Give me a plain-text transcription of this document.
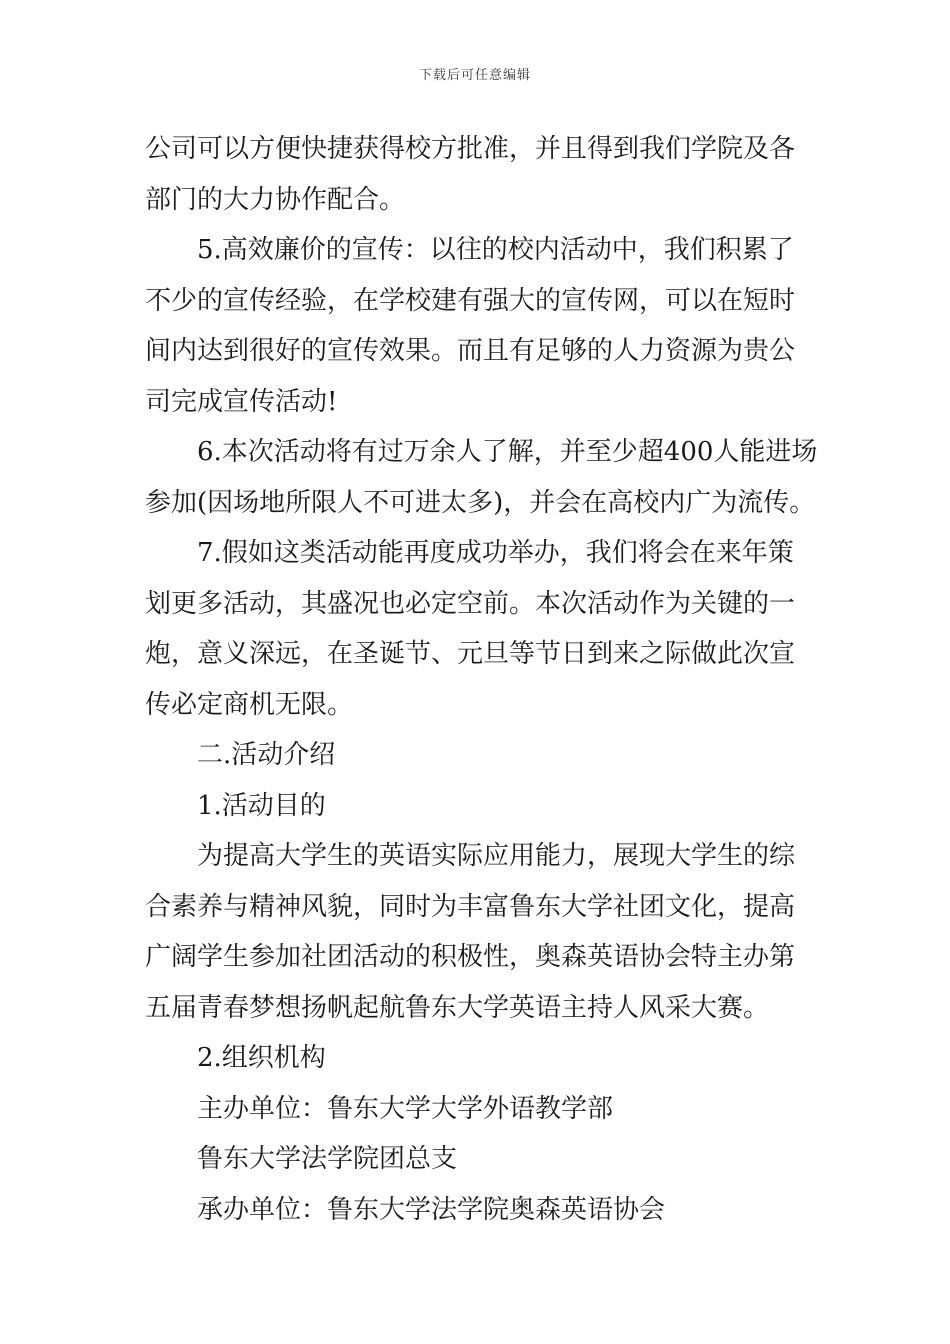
下载后可任意编辑

公司可以方便快捷获得校方批准，并且得到我们学院及各
部门的大力协作配合。

5.高效廉价的宣传：以往的校内活动中，我们积累了

不少的宣传经验，在学校建有强大的宣传网，可以在短时
间内达到很好的宣传效果。而且有足够的人力资源为贵公
司完成宣传活动!

6.本次活动将有过万余人了解，并至少超400人能进场

参加(因场地所限人不可进太多)，并会在高校内广为流传。

7.假如这类活动能再度成功举办，我们将会在来年策

划更多活动，其盛况也必定空前。本次活动作为关键的一
炮，意义深远，在圣诞节、元旦等节日到来之际做此次宣
传必定商机无限。

二.活动介绍

1.活动目的

为提高大学生的英语实际应用能力，展现大学生的综

合素养与精神风貌，同时为丰富鲁东大学社团文化，提高
广阔学生参加社团活动的积极性，奥森英语协会特主办第
五届青春梦想扬帆起航鲁东大学英语主持人风采大赛。

2.组织机构

主办单位：鲁东大学大学外语教学部

鲁东大学法学院团总支

承办单位：鲁东大学法学院奥森英语协会
